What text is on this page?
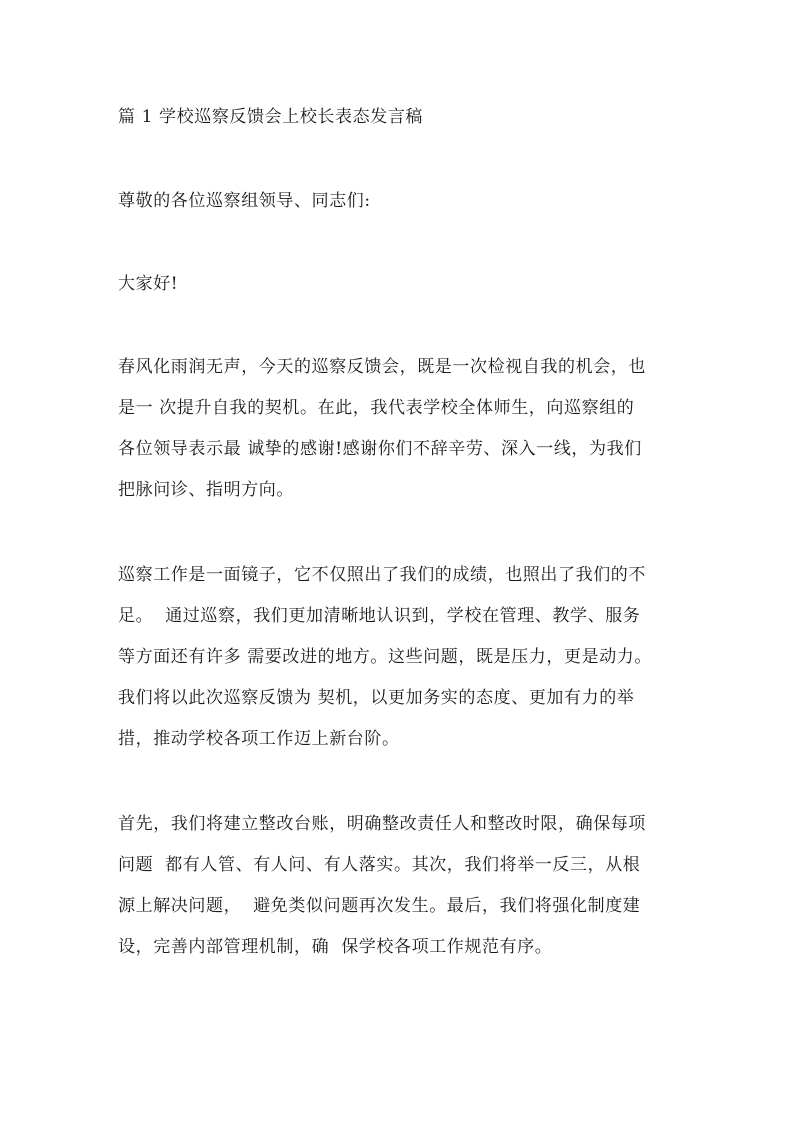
篇 1 学校巡察反馈会上校长表态发言稿
尊敬的各位巡察组领导、同志们:
大家好!
春风化雨润无声，今天的巡察反馈会，既是一次检视自我的机会，也
是一 次提升自我的契机。在此，我代表学校全体师生，向巡察组的
各位领导表示最 诚挚的感谢!感谢你们不辞辛劳、深入一线，为我们
把脉问诊、指明方向。
巡察工作是一面镜子，它不仅照出了我们的成绩，也照出了我们的不
足。  通过巡察，我们更加清晰地认识到，学校在管理、教学、服务
等方面还有许多 需要改进的地方。这些问题，既是压力，更是动力。
我们将以此次巡察反馈为 契机，以更加务实的态度、更加有力的举
措，推动学校各项工作迈上新台阶。
首先，我们将建立整改台账，明确整改责任人和整改时限，确保每项
问题  都有人管、有人问、有人落实。其次，我们将举一反三，从根
源上解决问题，  避免类似问题再次发生。最后，我们将强化制度建
设，完善内部管理机制，确  保学校各项工作规范有序。
